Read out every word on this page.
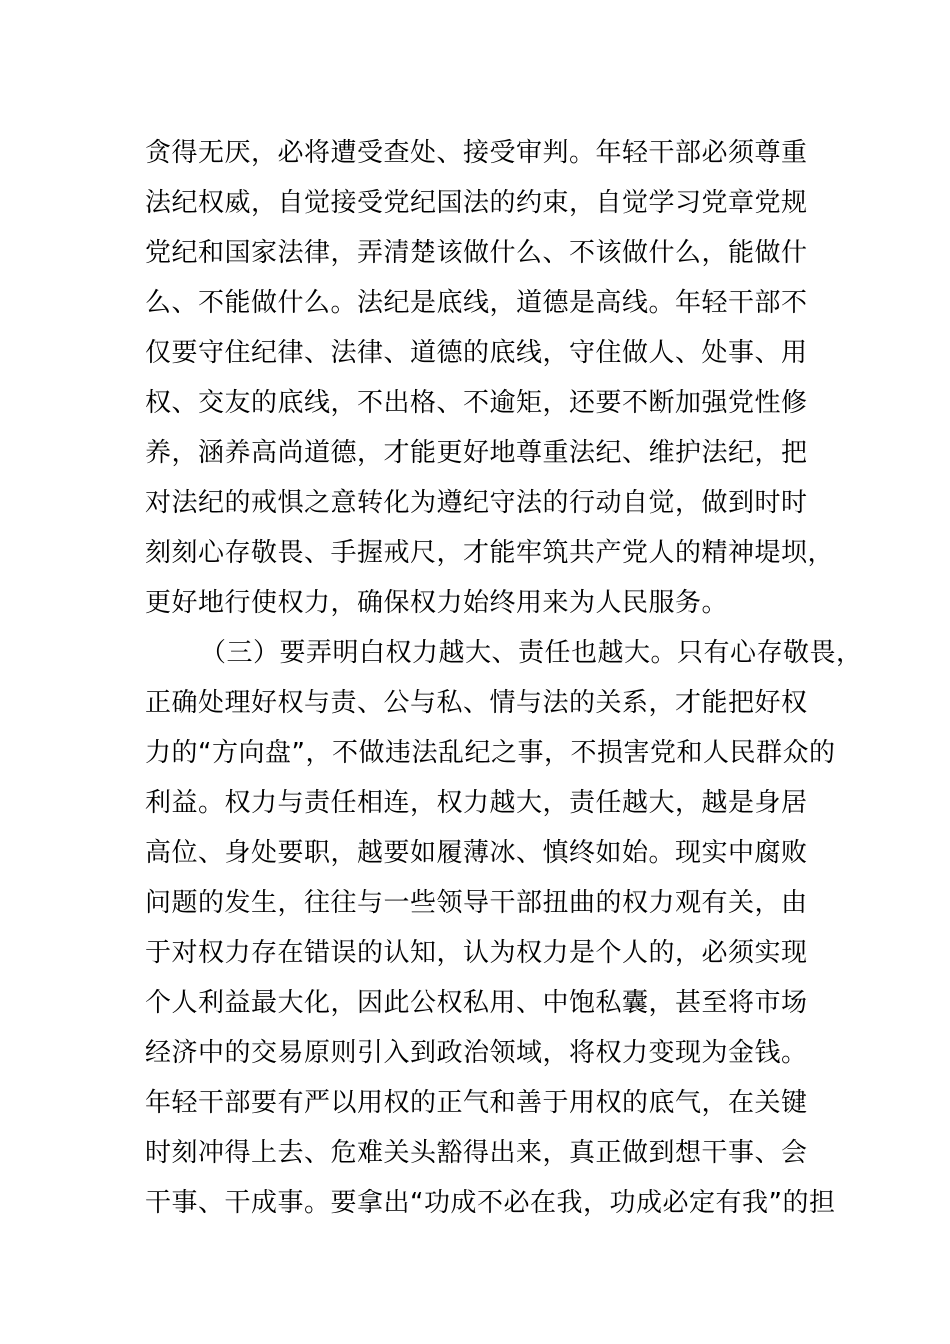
贪得无厌，必将遭受查处、接受审判。年轻干部必须尊重
法纪权威，自觉接受党纪国法的约束，自觉学习党章党规
党纪和国家法律，弄清楚该做什么、不该做什么，能做什
么、不能做什么。法纪是底线，道德是高线。年轻干部不
仅要守住纪律、法律、道德的底线，守住做人、处事、用
权、交友的底线，不出格、不逾矩，还要不断加强党性修
养，涵养高尚道德，才能更好地尊重法纪、维护法纪，把
对法纪的戒惧之意转化为遵纪守法的行动自觉，做到时时
刻刻心存敬畏、手握戒尺，才能牢筑共产党人的精神堤坝，
更好地行使权力，确保权力始终用来为人民服务。
（三）要弄明白权力越大、责任也越大。只有心存敬畏，
正确处理好权与责、公与私、情与法的关系，才能把好权
力的“方向盘”，不做违法乱纪之事，不损害党和人民群众的
利益。权力与责任相连，权力越大，责任越大，越是身居
高位、身处要职，越要如履薄冰、慎终如始。现实中腐败
问题的发生，往往与一些领导干部扭曲的权力观有关，由
于对权力存在错误的认知，认为权力是个人的，必须实现
个人利益最大化，因此公权私用、中饱私囊，甚至将市场
经济中的交易原则引入到政治领域，将权力变现为金钱。
年轻干部要有严以用权的正气和善于用权的底气，在关键
时刻冲得上去、危难关头豁得出来，真正做到想干事、会
干事、干成事。要拿出“功成不必在我，功成必定有我”的担
